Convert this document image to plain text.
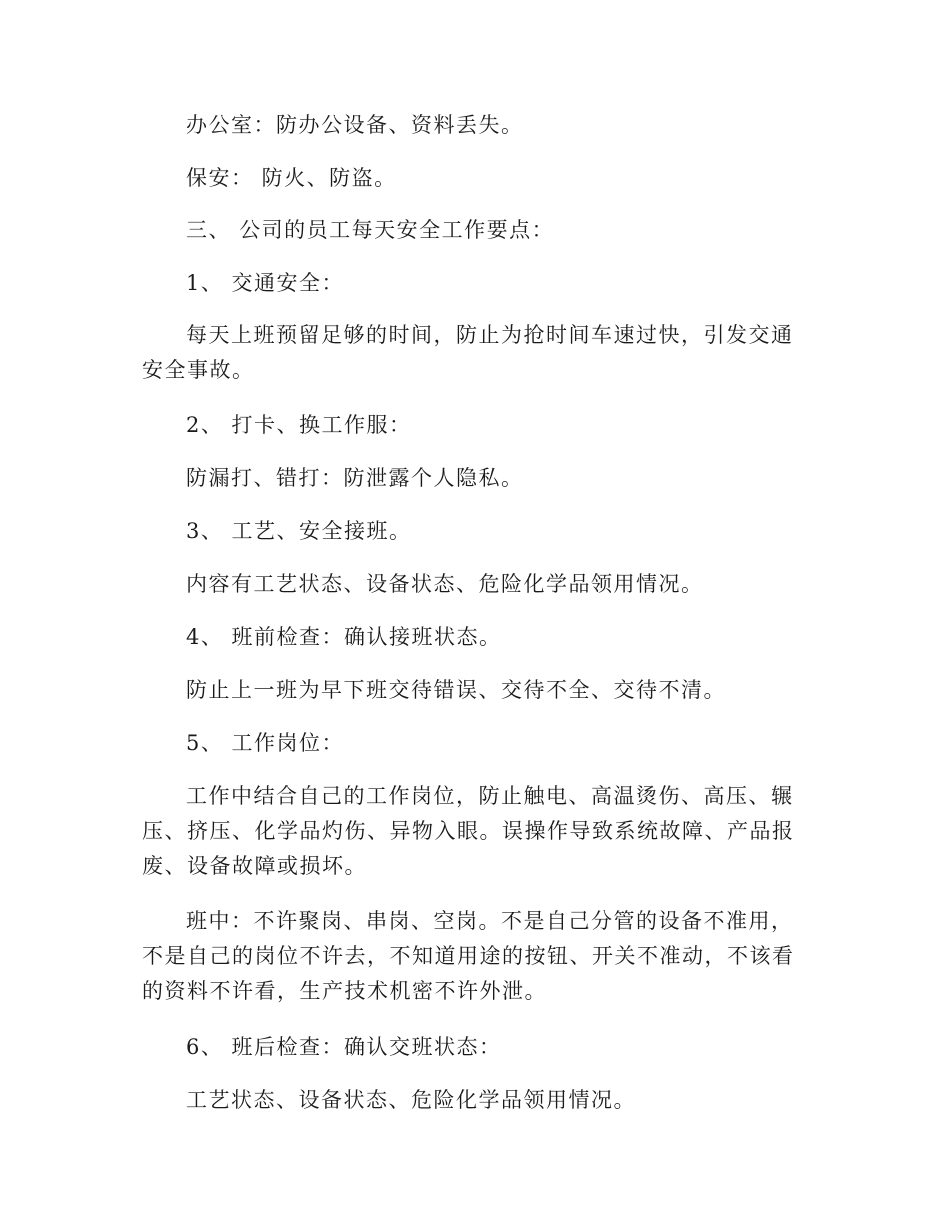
办公室：防办公设备、资料丢失。

保安： 防火、防盗。

三、 公司的员工每天安全工作要点：

1、 交通安全：

每天上班预留足够的时间，防止为抢时间车速过快，引发交通安全事故。

2、 打卡、换工作服：

防漏打、错打：防泄露个人隐私。

3、 工艺、安全接班。

内容有工艺状态、设备状态、危险化学品领用情况。

4、 班前检查：确认接班状态。

防止上一班为早下班交待错误、交待不全、交待不清。

5、 工作岗位：

工作中结合自己的工作岗位，防止触电、高温烫伤、高压、辗压、挤压、化学品灼伤、异物入眼。误操作导致系统故障、产品报废、设备故障或损坏。

班中：不许聚岗、串岗、空岗。不是自己分管的设备不准用，不是自己的岗位不许去，不知道用途的按钮、开关不准动，不该看的资料不许看，生产技术机密不许外泄。

6、 班后检查：确认交班状态：

工艺状态、设备状态、危险化学品领用情况。
